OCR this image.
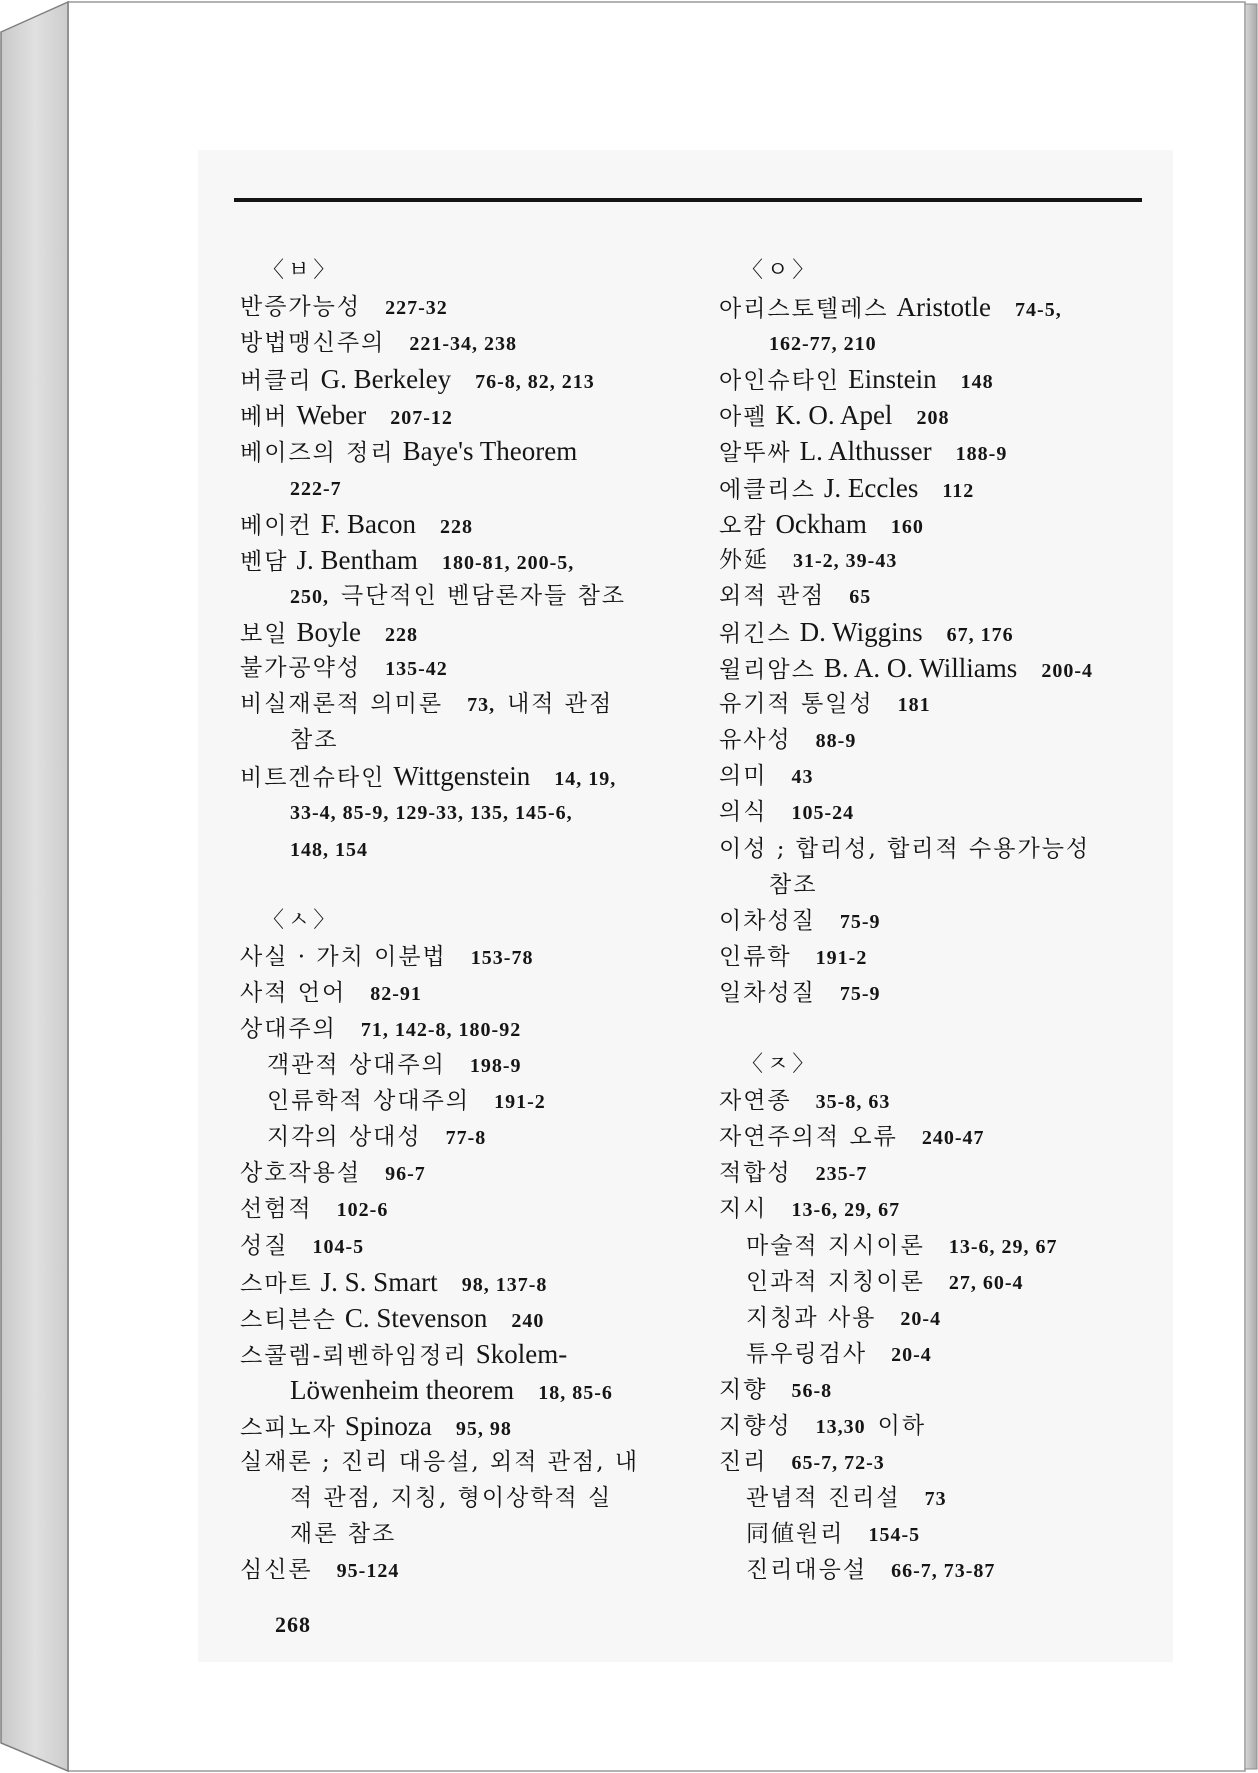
〈ㅂ〉
반증가능성 227-32
방법맹신주의 221-34, 238
버클리 G. Berkeley 76-8, 82, 213
베버 Weber 207-12
베이즈의 정리 Baye's Theorem
222-7
베이컨 F. Bacon 228
벤담 J. Bentham 180-81, 200-5,
250, 극단적인 벤담론자들 참조
보일 Boyle 228
불가공약성 135-42
비실재론적 의미론 73, 내적 관점
참조
비트겐슈타인 Wittgenstein 14, 19,
33-4, 85-9, 129-33, 135, 145-6,
148, 154
〈ㅅ〉
사실 · 가치 이분법 153-78
사적 언어 82-91
상대주의 71, 142-8, 180-92
객관적 상대주의 198-9
인류학적 상대주의 191-2
지각의 상대성 77-8
상호작용설 96-7
선험적 102-6
성질 104-5
스마트 J. S. Smart 98, 137-8
스티븐슨 C. Stevenson 240
스콜렘-뢰벤하임정리 Skolem-
Löwenheim theorem 18, 85-6
스피노자 Spinoza 95, 98
실재론 ; 진리 대응설, 외적 관점, 내
적 관점, 지칭, 형이상학적 실
재론 참조
심신론 95-124
〈ㅇ〉
아리스토텔레스 Aristotle 74-5,
162-77, 210
아인슈타인 Einstein 148
아펠 K. O. Apel 208
알뚜싸 L. Althusser 188-9
에클리스 J. Eccles 112
오캄 Ockham 160
外延 31-2, 39-43
외적 관점 65
위긴스 D. Wiggins 67, 176
윌리암스 B. A. O. Williams 200-4
유기적 통일성 181
유사성 88-9
의미 43
의식 105-24
이성 ; 합리성, 합리적 수용가능성
참조
이차성질 75-9
인류학 191-2
일차성질 75-9
〈ㅈ〉
자연종 35-8, 63
자연주의적 오류 240-47
적합성 235-7
지시 13-6, 29, 67
마술적 지시이론 13-6, 29, 67
인과적 지칭이론 27, 60-4
지칭과 사용 20-4
튜우링검사 20-4
지향 56-8
지향성 13,30 이하
진리 65-7, 72-3
관념적 진리설 73
同値원리 154-5
진리대응설 66-7, 73-87
268
